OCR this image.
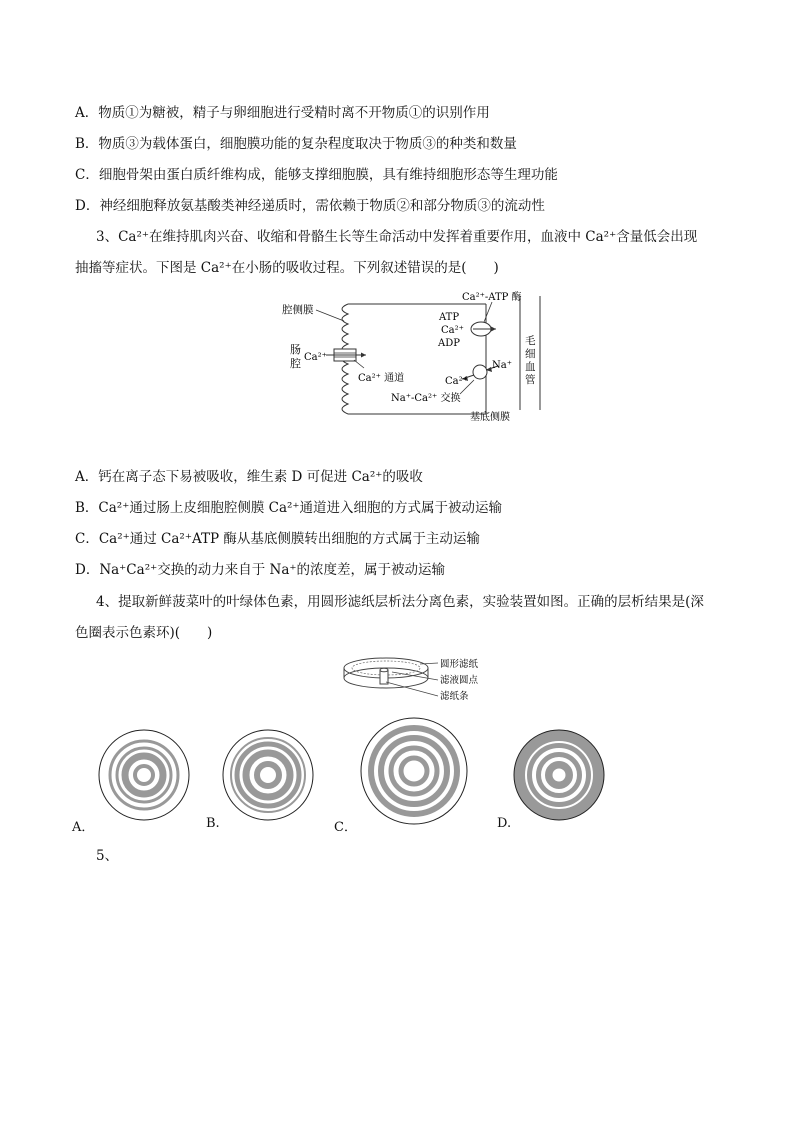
A．物质①为糖被，精子与卵细胞进行受精时离不开物质①的识别作用
B．物质③为载体蛋白，细胞膜功能的复杂程度取决于物质③的种类和数量
C．细胞骨架由蛋白质纤维构成，能够支撑细胞膜，具有维持细胞形态等生理功能
D．神经细胞释放氨基酸类神经递质时，需依赖于物质②和部分物质③的流动性
3、Ca²⁺在维持肌肉兴奋、收缩和骨骼生长等生命活动中发挥着重要作用，血液中 Ca²⁺含量低会出现
抽搐等症状。下图是 Ca²⁺在小肠的吸收过程。下列叙述错误的是(　　)
腔侧膜
肠
腔 Ca²⁺
Ca²⁺ 通道
Ca²⁺-ATP 酶
ATP
Ca²⁺
ADP
Na⁺
Ca²⁺
Na⁺-Ca²⁺ 交换
基底侧膜
毛
细
血
管
A．钙在离子态下易被吸收，维生素 D 可促进 Ca²⁺的吸收
B．Ca²⁺通过肠上皮细胞腔侧膜 Ca²⁺通道进入细胞的方式属于被动运输
C．Ca²⁺通过 Ca²⁺ATP 酶从基底侧膜转出细胞的方式属于主动运输
D．Na⁺Ca²⁺交换的动力来自于 Na⁺的浓度差，属于被动运输
4、提取新鲜菠菜叶的叶绿体色素，用圆形滤纸层析法分离色素，实验装置如图。正确的层析结果是(深
色圈表示色素环)(　　)
圆形滤纸
滤液圆点
滤纸条
A．	B.	C．	D.
5、
